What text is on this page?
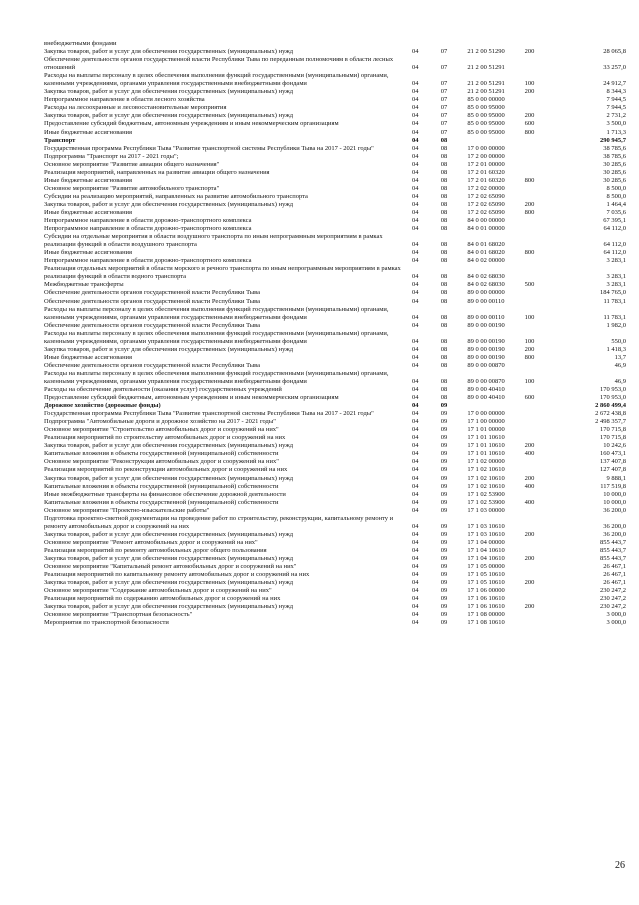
внебюджетными фондами					
Закупка товаров, работ и услуг для обеспечения государственных (муниципальных) нужд	04	07	21 2 00 51290	200	28 065,8
Обеспечение деятельности органов государственной власти Республики Тыва по переданным полномочиям в области лесных отношений	04	07	21 2 00 51291		33 257,0
Расходы на выплаты персоналу в целях обеспечения выполнения функций государственными (муниципальными) органами, казенными учреждениями, органами управления государственными внебюджетными фондами	04	07	21 2 00 51291	100	24 912,7
Закупка товаров, работ и услуг для обеспечения государственных (муниципальных) нужд	04	07	21 2 00 51291	200	8 344,3
Непрограммное направление в области лесного хозяйства	04	07	85 0 00 00000		7 944,5
Расходы на лесоохранные и лесовосстановительные мероприятия	04	07	85 0 00 95000		7 944,5
Закупка товаров, работ и услуг для обеспечения государственных (муниципальных) нужд	04	07	85 0 00 95000	200	2 731,2
Предоставление субсидий бюджетным, автономным учреждениям и иным некоммерческим организациям	04	07	85 0 00 95000	600	3 500,0
Иные бюджетные ассигнования	04	07	85 0 00 95000	800	1 713,3
Транспорт	04	08			290 945,7
Государственная программа Республики Тыва "Развитие транспортной системы Республики Тыва на 2017 - 2021 годы"	04	08	17 0 00 00000		38 785,6
Подпрограмма "Транспорт на 2017 - 2021 годы";	04	08	17 2 00 00000		38 785,6
Основное мероприятие "Развитие авиации общего назначения"	04	08	17 2 01 00000		30 285,6
Реализация мероприятий, направленных на развитие авиации общего назначения	04	08	17 2 01 60320		30 285,6
Иные бюджетные ассигнования	04	08	17 2 01 60320	800	30 285,6
Основное мероприятие "Развитие автомобильного транспорта"	04	08	17 2 02 00000		8 500,0
Субсидии на реализацию мероприятий, направленных на развитие автомобильного транспорта	04	08	17 2 02 65090		8 500,0
Закупка товаров, работ и услуг для обеспечения государственных (муниципальных) нужд	04	08	17 2 02 65090	200	1 464,4
Иные бюджетные ассигнования	04	08	17 2 02 65090	800	7 035,6
Непрограммное направление в области дорожно-транспортного комплекса	04	08	84 0 00 00000		67 395,1
Непрограммное направление в области дорожно-транспортного комплекса	04	08	84 0 01 00000		64 112,0
Субсидии на отдельные мероприятия в области воздушного транспорта по иным непрограммным мероприятиям в рамках реализации функций в области воздушного транспорта	04	08	84 0 01 68020		64 112,0
Иные бюджетные ассигнования	04	08	84 0 01 68020	800	64 112,0
Непрограммное направление в области дорожно-транспортного комплекса	04	08	84 0 02 00000		3 283,1
Реализация отдельных мероприятий в области морского и речного транспорта по иным непрограммным мероприятиям в рамках реализации функций в области водного транспорта	04	08	84 0 02 68030		3 283,1
Межбюджетные трансферты	04	08	84 0 02 68030	500	3 283,1
Обеспечение деятельности органов государственной власти Республики Тыва	04	08	89 0 00 00000		184 765,0
Обеспечение деятельности органов государственной власти Республики Тыва	04	08	89 0 00 00110		11 783,1
Расходы на выплаты персоналу в целях обеспечения выполнения функций государственными (муниципальными) органами, казенными учреждениями, органами управления государственными внебюджетными фондами	04	08	89 0 00 00110	100	11 783,1
Обеспечение деятельности органов государственной власти Республики Тыва	04	08	89 0 00 00190		1 982,0
Расходы на выплаты персоналу в целях обеспечения выполнения функций государственными (муниципальными) органами, казенными учреждениями, органами управления государственными внебюджетными фондами	04	08	89 0 00 00190	100	550,0
Закупка товаров, работ и услуг для обеспечения государственных (муниципальных) нужд	04	08	89 0 00 00190	200	1 418,3
Иные бюджетные ассигнования	04	08	89 0 00 00190	800	13,7
Обеспечение деятельности органов государственной власти Республики Тыва	04	08	89 0 00 00870		46,9
Расходы на выплаты персоналу в целях обеспечения выполнения функций государственными (муниципальными) органами, казенными учреждениями, органами управления государственными внебюджетными фондами	04	08	89 0 00 00870	100	46,9
Расходы на обеспечение деятельности (оказания услуг) государственных учреждений	04	08	89 0 00 40410		170 953,0
Предоставление субсидий бюджетным, автономным учреждениям и иным некоммерческим организациям	04	08	89 0 00 40410	600	170 953,0
Дорожное хозяйство (дорожные фонды)	04	09			2 860 499,4
Государственная программа Республики Тыва "Развитие транспортной системы Республики Тыва на 2017 - 2021 годы"	04	09	17 0 00 00000		2 672 438,8
Подпрограмма "Автомобильные дороги и дорожное хозяйство на 2017 - 2021 годы"	04	09	17 1 00 00000		2 498 357,7
Основное мероприятие "Строительство автомобильных дорог и сооружений на них"	04	09	17 1 01 00000		170 715,8
Реализация мероприятий по строительству автомобильных дорог и сооружений на них	04	09	17 1 01 10610		170 715,8
Закупка товаров, работ и услуг для обеспечения государственных (муниципальных) нужд	04	09	17 1 01 10610	200	10 242,6
Капитальные вложения в объекты государственной (муниципальной) собственности	04	09	17 1 01 10610	400	160 473,1
Основное мероприятие "Реконструкция автомобильных дорог и сооружений на них"	04	09	17 1 02 00000		137 407,8
Реализация мероприятий по реконструкции автомобильных дорог и сооружений на них	04	09	17 1 02 10610		127 407,8
Закупка товаров, работ и услуг для обеспечения государственных (муниципальных) нужд	04	09	17 1 02 10610	200	9 888,1
Капитальные вложения в объекты государственной (муниципальной) собственности	04	09	17 1 02 10610	400	117 519,8
Иные межбюджетные трансферты на финансовое обеспечение дорожной деятельности	04	09	17 1 02 53900		10 000,0
Капитальные вложения в объекты государственной (муниципальной) собственности	04	09	17 1 02 53900	400	10 000,0
Основное мероприятие "Проектно-изыскательские работы"	04	09	17 1 03 00000		36 200,0
Подготовка проектно-сметной документации на проведение работ по строительству, реконструкции, капитальному ремонту и ремонту автомобильных дорог и сооружений на них	04	09	17 1 03 10610		36 200,0
Закупка товаров, работ и услуг для обеспечения государственных (муниципальных) нужд	04	09	17 1 03 10610	200	36 200,0
Основное мероприятие "Ремонт автомобильных дорог и сооружений на них"	04	09	17 1 04 00000		855 443,7
Реализация мероприятий по ремонту автомобильных дорог общего пользования	04	09	17 1 04 10610		855 443,7
Закупка товаров, работ и услуг для обеспечения государственных (муниципальных) нужд	04	09	17 1 04 10610	200	855 443,7
Основное мероприятие "Капитальный ремонт автомобильных дорог и сооружений на них"	04	09	17 1 05 00000		26 467,1
Реализация мероприятий по капитальному ремонту автомобильных дорог и сооружений на них	04	09	17 1 05 10610		26 467,1
Закупка товаров, работ и услуг для обеспечения государственных (муниципальных) нужд	04	09	17 1 05 10610	200	26 467,1
Основное мероприятие "Содержание автомобильных дорог и сооружений на них"	04	09	17 1 06 00000		230 247,2
Реализация мероприятий по содержанию автомобильных дорог и сооружений на них	04	09	17 1 06 10610		230 247,2
Закупка товаров, работ и услуг для обеспечения государственных (муниципальных) нужд	04	09	17 1 06 10610	200	230 247,2
Основное мероприятие "Транспортная безопасность"	04	09	17 1 08 00000		3 000,0
Мероприятия по транспортной безопасности	04	09	17 1 08 10610		3 000,0
26
